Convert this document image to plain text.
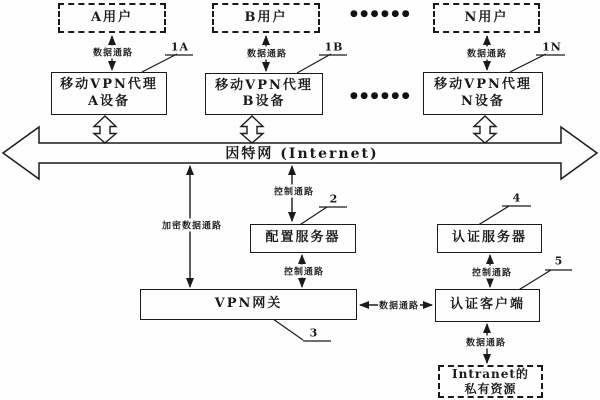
A用户	B用户	N用户
移动VPN代理
A设备
移动VPN代理
B设备
移动VPN代理
N设备
配置服务器	认证服务器
VPN网关	认证客户端
Intranet的
私有资源
因特网 (Internet)
●●●●●●
●●●●●●
数据通路	数据通路	数据通路
控制通路
加密数据通路
控制通路	控制通路
数据通路
数据通路
1A	1B	1N
2
3
4
5
